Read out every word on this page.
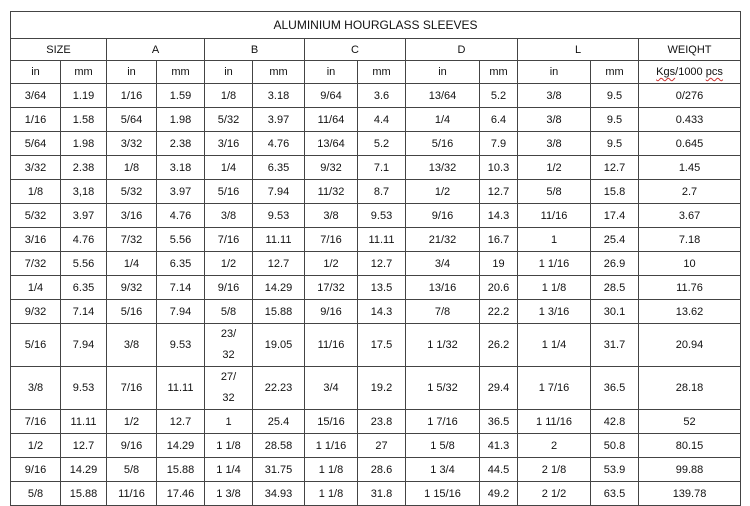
ALUMINIUM HOURGLASS SLEEVES												
SIZE		A		B		C		D		L		WEIQHT
in	mm	in	mm	in	mm	in	mm	in	mm	in	mm	Kgs/1000 pcs
3/64	1.19	1/16	1.59	1/8	3.18	9/64	3.6	13/64	5.2	3/8	9.5	0/276
1/16	1.58	5/64	1.98	5/32	3.97	11/64	4.4	1/4	6.4	3/8	9.5	0.433
5/64	1.98	3/32	2.38	3/16	4.76	13/64	5.2	5/16	7.9	3/8	9.5	0.645
3/32	2.38	1/8	3.18	1/4	6.35	9/32	7.1	13/32	10.3	1/2	12.7	1.45
1/8	3,18	5/32	3.97	5/16	7.94	11/32	8.7	1/2	12.7	5/8	15.8	2.7
5/32	3.97	3/16	4.76	3/8	9.53	3/8	9.53	9/16	14.3	11/16	17.4	3.67
3/16	4.76	7/32	5.56	7/16	11.11	7/16	11.11	21/32	16.7	1	25.4	7.18
7/32	5.56	1/4	6.35	1/2	12.7	1/2	12.7	3/4	19	1 1/16	26.9	10
1/4	6.35	9/32	7.14	9/16	14.29	17/32	13.5	13/16	20.6	1 1/8	28.5	11.76
9/32	7.14	5/16	7.94	5/8	15.88	9/16	14.3	7/8	22.2	1 3/16	30.1	13.62
5/16	7.94	3/8	9.53	23/32	19.05	11/16	17.5	1 1/32	26.2	1 1/4	31.7	20.94
3/8	9.53	7/16	11.11	27/32	22.23	3/4	19.2	1 5/32	29.4	1 7/16	36.5	28.18
7/16	11.11	1/2	12.7	1	25.4	15/16	23.8	1 7/16	36.5	1 11/16	42.8	52
1/2	12.7	9/16	14.29	1 1/8	28.58	1 1/16	27	1 5/8	41.3	2	50.8	80.15
9/16	14.29	5/8	15.88	1 1/4	31.75	1 1/8	28.6	1 3/4	44.5	2 1/8	53.9	99.88
5/8	15.88	11/16	17.46	1 3/8	34.93	1 1/8	31.8	1 15/16	49.2	2 1/2	63.5	139.78
